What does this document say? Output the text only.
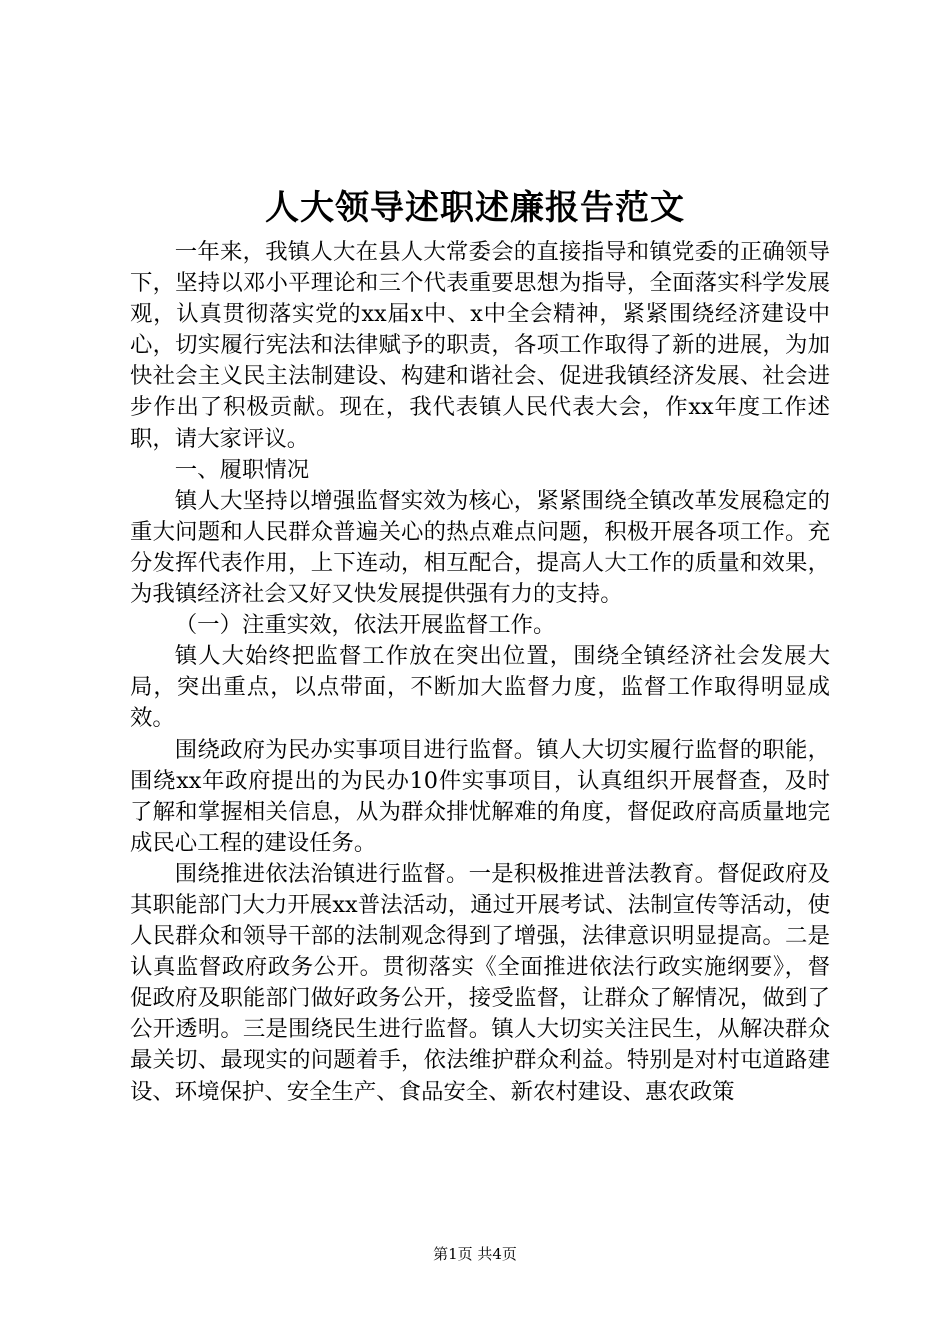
人大领导述职述廉报告范文

一年来，我镇人大在县人大常委会的直接指导和镇党委的正确领导下，坚持以邓小平理论和三个代表重要思想为指导，全面落实科学发展观，认真贯彻落实党的xx届x中、x中全会精神，紧紧围绕经济建设中心，切实履行宪法和法律赋予的职责，各项工作取得了新的进展，为加快社会主义民主法制建设、构建和谐社会、促进我镇经济发展、社会进步作出了积极贡献。现在，我代表镇人民代表大会，作xx年度工作述职，请大家评议。

一、履职情况

镇人大坚持以增强监督实效为核心，紧紧围绕全镇改革发展稳定的重大问题和人民群众普遍关心的热点难点问题，积极开展各项工作。充分发挥代表作用，上下连动，相互配合，提高人大工作的质量和效果，为我镇经济社会又好又快发展提供强有力的支持。

（一）注重实效，依法开展监督工作。

镇人大始终把监督工作放在突出位置，围绕全镇经济社会发展大局，突出重点，以点带面，不断加大监督力度，监督工作取得明显成效。

围绕政府为民办实事项目进行监督。镇人大切实履行监督的职能，围绕xx年政府提出的为民办10件实事项目，认真组织开展督查，及时了解和掌握相关信息，从为群众排忧解难的角度，督促政府高质量地完成民心工程的建设任务。

围绕推进依法治镇进行监督。一是积极推进普法教育。督促政府及其职能部门大力开展xx普法活动，通过开展考试、法制宣传等活动，使人民群众和领导干部的法制观念得到了增强，法律意识明显提高。二是认真监督政府政务公开。贯彻落实《全面推进依法行政实施纲要》，督促政府及职能部门做好政务公开，接受监督，让群众了解情况，做到了公开透明。三是围绕民生进行监督。镇人大切实关注民生，从解决群众最关切、最现实的问题着手，依法维护群众利益。特别是对村屯道路建设、环境保护、安全生产、食品安全、新农村建设、惠农政策

第1页 共4页
